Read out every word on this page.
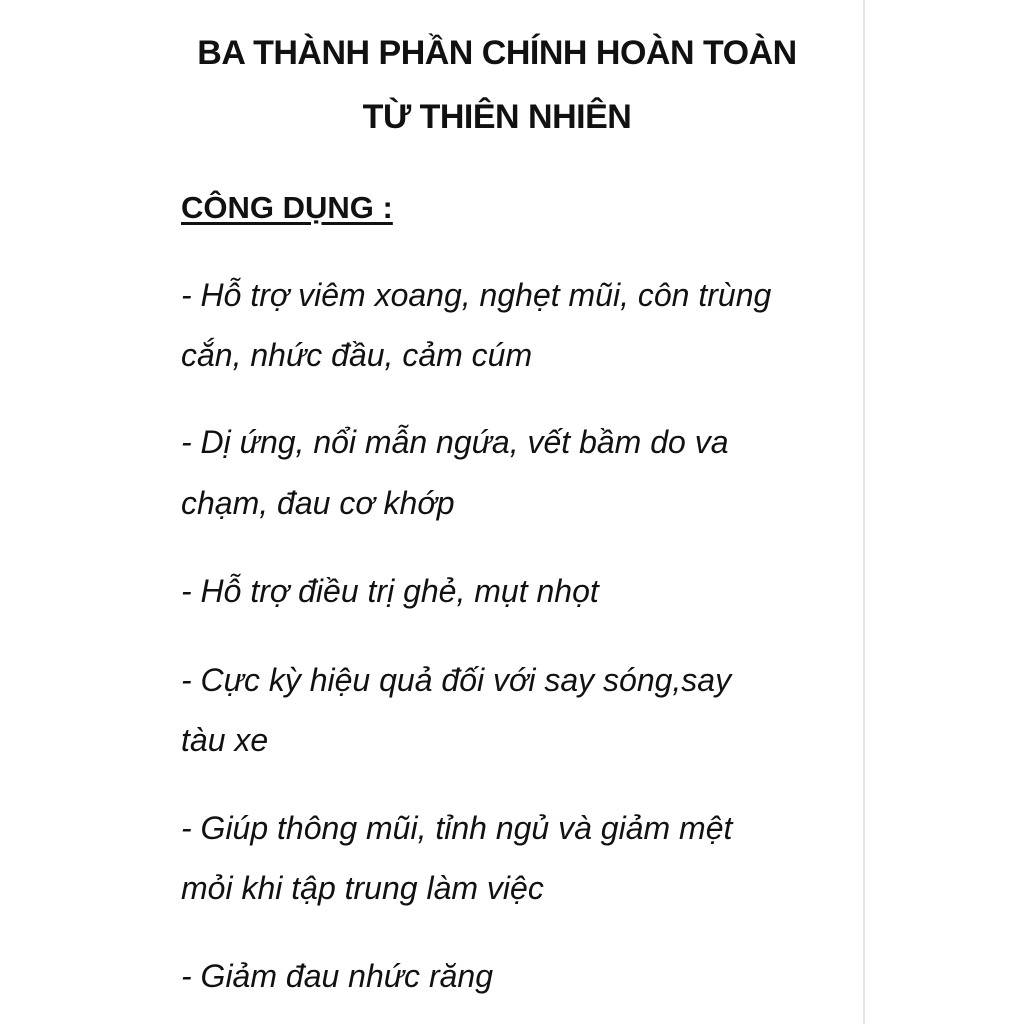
BA THÀNH PHẦN CHÍNH HOÀN TOÀN
TỪ THIÊN NHIÊN
CÔNG DỤNG :
- Hỗ trợ viêm xoang, nghẹt mũi, côn trùng
cắn, nhức đầu, cảm cúm
- Dị ứng, nổi mẫn ngứa, vết bầm do va
chạm, đau cơ khớp
- Hỗ trợ điều trị ghẻ, mụt nhọt
- Cực kỳ hiệu quả đối với say sóng,say
tàu xe
- Giúp thông mũi, tỉnh ngủ và giảm mệt
mỏi khi tập trung làm việc
- Giảm đau nhức răng
